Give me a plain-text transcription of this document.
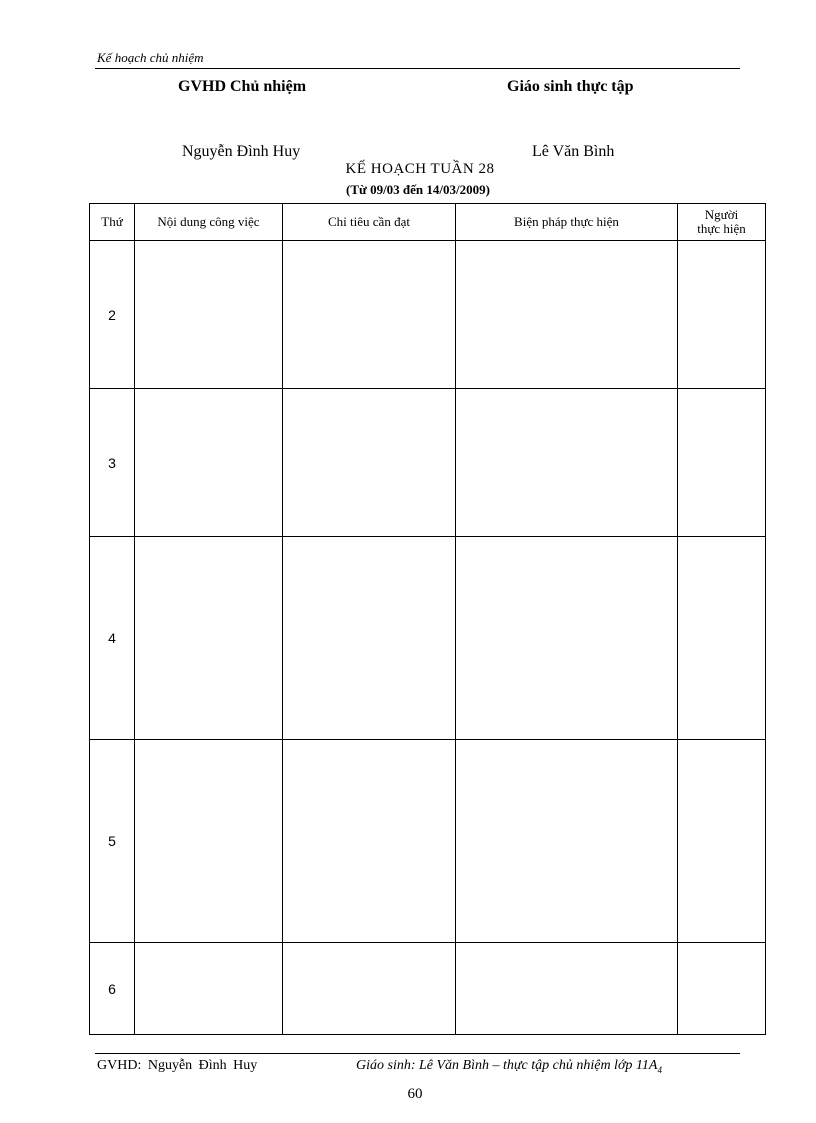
Kế hoạch chủ nhiệm
GVHD Chủ nhiệm	Giáo sinh thực tập
Nguyễn Đình Huy	Lê Văn Bình
KẾ HOẠCH TUẦN 28
(Từ 09/03 đến 14/03/2009)
Thứ	Nội dung công việc	Chỉ tiêu cần đạt	Biện pháp thực hiện	Người
thực hiện

2				
3				
4				
5				
6				
GVHD: Nguyễn Đình Huy	Giáo sinh: Lê Văn Bình – thực tập chủ nhiệm lớp $11A_4$
60
